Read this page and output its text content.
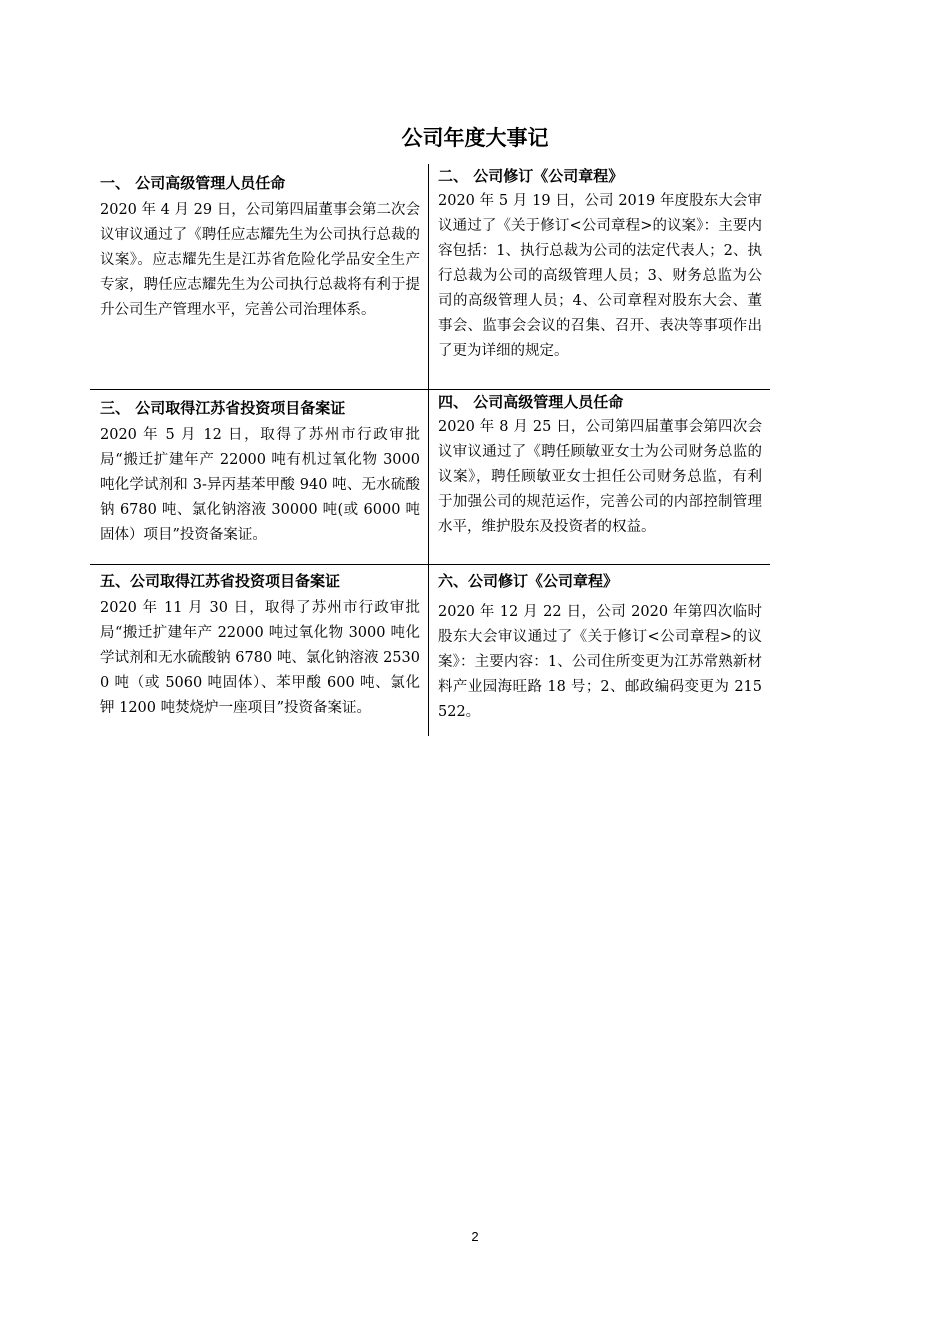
公司年度大事记
一、 公司高级管理人员任命

2020 年 4 月 29 日，公司第四届董事会第二次会议审议通过了《聘任应志耀先生为公司执行总裁的议案》。应志耀先生是江苏省危险化学品安全生产专家，聘任应志耀先生为公司执行总裁将有利于提升公司生产管理水平，完善公司治理体系。

二、 公司修订《公司章程》

2020 年 5 月 19 日，公司 2019 年度股东大会审议通过了《关于修订<公司章程>的议案》：主要内容包括：1、执行总裁为公司的法定代表人；2、执行总裁为公司的高级管理人员；3、财务总监为公司的高级管理人员；4、公司章程对股东大会、董事会、监事会会议的召集、召开、表决等事项作出了更为详细的规定。

三、 公司取得江苏省投资项目备案证

2020 年 5 月 12 日，取得了苏州市行政审批局“搬迁扩建年产 22000 吨有机过氧化物 3000 吨化学试剂和 3-异丙基苯甲酸 940 吨、无水硫酸钠 6780 吨、氯化钠溶液 30000 吨(或 6000 吨固体）项目”投资备案证。

四、 公司高级管理人员任命

2020 年 8 月 25 日，公司第四届董事会第四次会议审议通过了《聘任顾敏亚女士为公司财务总监的议案》，聘任顾敏亚女士担任公司财务总监，有利于加强公司的规范运作，完善公司的内部控制管理水平，维护股东及投资者的权益。

五、公司取得江苏省投资项目备案证

2020 年 11 月 30 日，取得了苏州市行政审批局“搬迁扩建年产 22000 吨过氧化物 3000 吨化学试剂和无水硫酸钠 6780 吨、氯化钠溶液 25300 吨（或 5060 吨固体）、苯甲酸 600 吨、氯化钾 1200 吨焚烧炉一座项目”投资备案证。

六、公司修订《公司章程》

2020 年 12 月 22 日，公司 2020 年第四次临时股东大会审议通过了《关于修订<公司章程>的议案》：主要内容：1、公司住所变更为江苏常熟新材料产业园海旺路 18 号；2、邮政编码变更为 215522。

2
